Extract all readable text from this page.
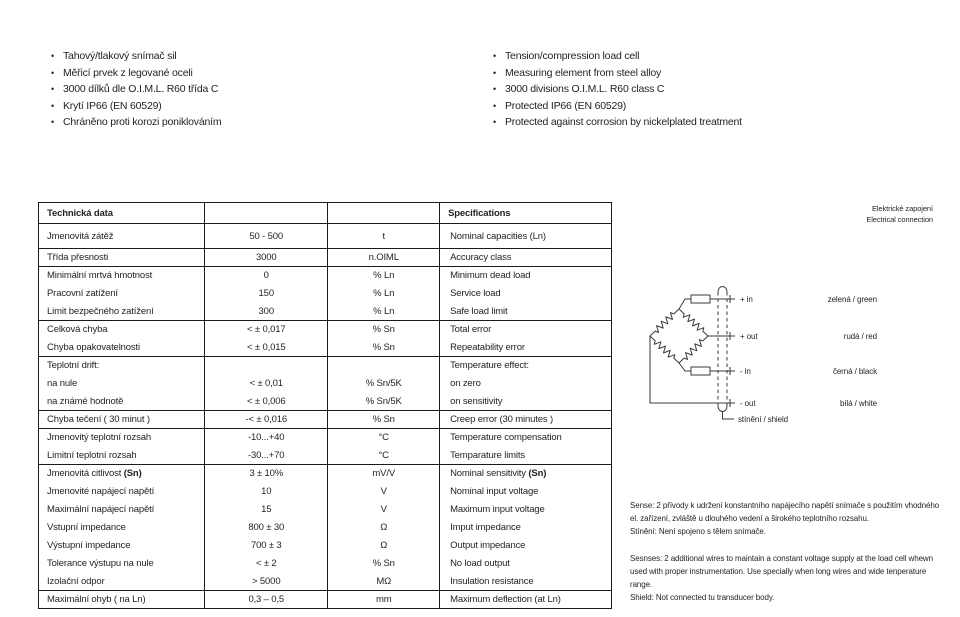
• Tahový/tlakový snímač sil
• Měřicí prvek z legované oceli
• 3000 dílků dle O.I.M.L. R60 třída C
• Krytí IP66 (EN 60529)
• Chráněno proti korozi poniklováním
• Tension/compression load cell
• Measuring element from steel alloy
• 3000 divisions O.I.M.L. R60 class C
• Protected IP66 (EN 60529)
• Protected against corrosion by nickelplated treatment
Technická data			Specifications
Jmenovitá zátěž	50 - 500	t	Nominal capacities (Ln)
Třída přesnosti	3000	n.OIML	Accuracy class
Minimální mrtvá hmotnost	0	% Ln	Minimum dead load
Pracovní zatížení	150	% Ln	Service load
Limit bezpečného zatížení	300	% Ln	Safe load limit
Celková chyba	< ± 0,017	% Sn	Total error
Chyba opakovatelnosti	< ± 0,015	% Sn	Repeatability error
Teplotní drift:			Temperature effect:
na nule	< ± 0,01	% Sn/5K	on zero
na známé hodnotě	< ± 0,006	% Sn/5K	on sensitivity
Chyba tečení ( 30 minut )	-< ± 0,016	% Sn	Creep error (30 minutes )
Jmenovitý teplotní rozsah	-10...+40	°C	Temperature compensation
Limitní teplotní rozsah	-30...+70	°C	Temparature limits
Jmenovitá citlivost (Sn)	3 ± 10%	mV/V	Nominal sensitivity (Sn)
Jmenovité napájecí napětí	10	V	Nominal input voltage
Maximální napájecí napětí	15	V	Maximum input voltage
Vstupní impedance	800 ± 30	Ω	Imput impedance
Výstupní impedance	700 ± 3	Ω	Output impedance
Tolerance výstupu na nule	< ± 2	% Sn	No load output
Izolační odpor	> 5000	MΩ	Insulation resistance
Maximální ohyb ( na Ln)	0,3 – 0,5	mm	Maximum deflection (at Ln)
Elektrické zapojení
Electrical connection
+ in
+ out
- in
- out
stínění / shield
zelená / green
rudá / red
černá / black
bílá / white

Sense: 2 přívody k udržení konstantního napájecího napětí snímače s použitím vhodného el. zařízení, zvláště u dlouhého vedení a širokého teplotního rozsahu.

Stínění: Není spojeno s tělem snímače.

Sesnses: 2 additional wires to maintain a constant voltage supply at the load cell whewn used with proper instrumentation. Use specially when long wires and wide tenperature range.

Shield: Not connected tu transducer body.
